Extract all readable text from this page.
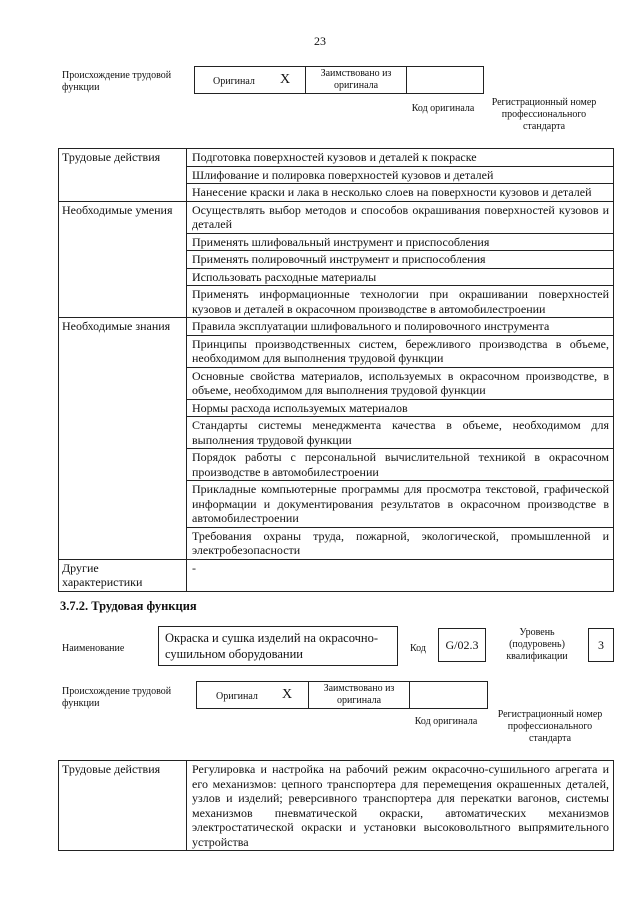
23
Происхождение трудовой функции
Оригинал X	Заимствовано из оригинала
Код оригинала
Регистрационный номер профессионального стандарта
Трудовые действия	Подготовка поверхностей кузовов и деталей к покраске
	Шлифование и полировка поверхностей кузовов и деталей
	Нанесение краски и лака в несколько слоев на поверхности кузовов и деталей
Необходимые умения	Осуществлять выбор методов и способов окрашивания поверхностей кузовов и деталей
	Применять шлифовальный инструмент и приспособления
	Применять полировочный инструмент и приспособления
	Использовать расходные материалы
	Применять информационные технологии при окрашивании поверхностей кузовов и деталей в окрасочном производстве в автомобилестроении
Необходимые знания	Правила эксплуатации шлифовального и полировочного инструмента
	Принципы производственных систем, бережливого производства в объеме, необходимом для выполнения трудовой функции
	Основные свойства материалов, используемых в окрасочном производстве, в объеме, необходимом для выполнения трудовой функции
	Нормы расхода используемых материалов
	Стандарты системы менеджмента качества в объеме, необходимом для выполнения трудовой функции
	Порядок работы с персональной вычислительной техникой в окрасочном производстве в автомобилестроении
	Прикладные компьютерные программы для просмотра текстовой, графической информации и документирования результатов в окрасочном производстве в автомобилестроении
	Требования охраны труда, пожарной, экологической, промышленной и электробезопасности
Другие характеристики	-
3.7.2. Трудовая функция
Наименование
Окраска и сушка изделий на окрасочно-сушильном оборудовании	Код	G/02.3
Уровень (подуровень) квалификации
3
Происхождение трудовой функции
Оригинал X	Заимствовано из оригинала
Код оригинала
Регистрационный номер профессионального стандарта
Трудовые действия	Регулировка и настройка на рабочий режим окрасочно-сушильного агрегата и его механизмов: цепного транспортера для перемещения окрашенных деталей, узлов и изделий; реверсивного транспортера для перекатки вагонов, системы механизмов пневматической окраски, автоматических механизмов электростатической окраски и установки высоковольтного выпрямительного устройства
